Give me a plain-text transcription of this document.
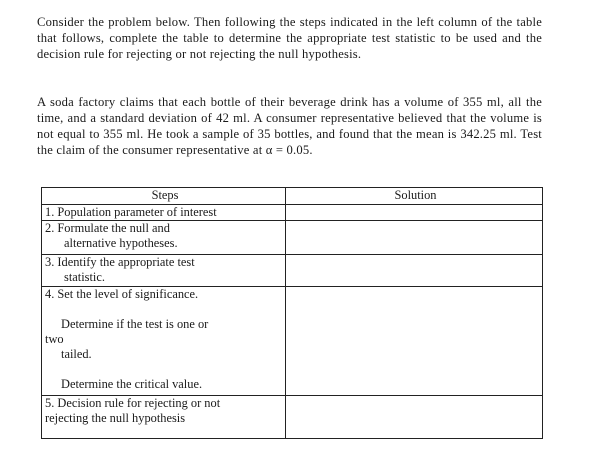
Consider the problem below. Then following the steps indicated in the left column of the table that follows, complete the table to determine the appropriate test statistic to be used and the decision rule for rejecting or not rejecting the null hypothesis.

A soda factory claims that each bottle of their beverage drink has a volume of 355 ml, all the time, and a standard deviation of 42 ml. A consumer representative believed that the volume is not equal to 355 ml. He took a sample of 35 bottles, and found that the mean is 342.25 ml. Test the claim of the consumer representative at α = 0.05.

Steps	Solution
1. Population parameter of interest	
2. Formulate the null and
alternative hypotheses.	

3. Identify the appropriate test
statistic.	

4. Set the level of significance.
Determine if the test is one or
two
tailed.
Determine the critical value.	

5. Decision rule for rejecting or not
rejecting the null hypothesis	
